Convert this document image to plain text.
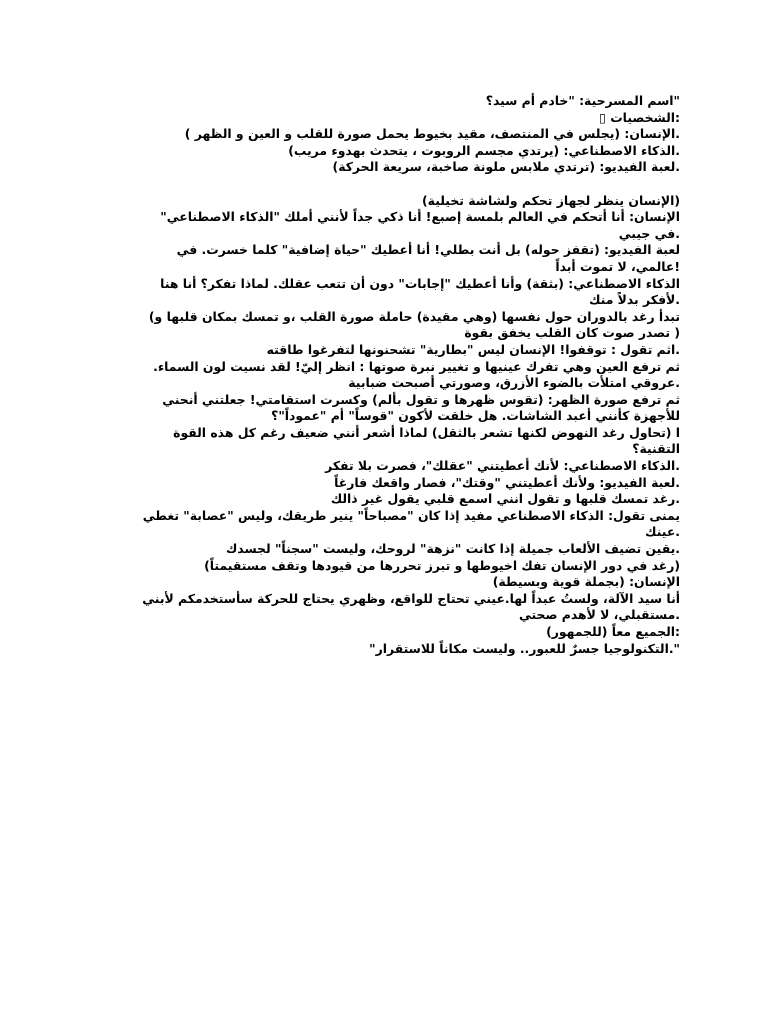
"اسم المسرحية: "خادم أم سيد؟
:الشخصيات ▯
.الإنسان: (يجلس في المنتصف، مقيد بخيوط يحمل صورة للقلب و العين و الظهر )
.الذكاء الاصطناعي: (يرتدي مجسم الروبوت ، يتحدث بهدوء مريب)
.لعبة الفيديو: (ترتدي ملابس ملونة صاخبة، سريعة الحركة)
(الإنسان ينظر لجهاز تحكم ولشاشة تخيلية)
الإنسان: أنا أتحكم في العالم بلمسة إصبع! أنا ذكي جداً لأنني أملك "الذكاء الاصطناعي"
.في جيبي
لعبة الفيديو: (تقفز حوله) بل أنت بطلي! أنا أعطيك "حياة إضافية" كلما خسرت. في
!عالمي، لا تموت أبداً
الذكاء الاصطناعي: (بثقة) وأنا أعطيك "إجابات" دون أن تتعب عقلك. لماذا تفكر؟ أنا هنا
.لأفكر بدلاً منك
تبدأ رغد بالدوران حول نفسها (وهي مقيدة) حاملة صورة القلب ،و تمسك بمكان قلبها و)
( تصدر صوت كان القلب يخفق بقوة
.اثم تقول : توقفوا! الإنسان ليس "بطارية" تشحنونها لتفرغوا طاقته
ثم ترفع العين وهي تفرك عينيها و تغيير نبرة صوتها : انظر إليّ! لقد نسيت لون السماء.
.عروقي امتلأت بالضوء الأزرق، وصورتي أصبحت ضبابية
ثم ترفع صورة الظهر: (تقوس ظهرها و تقول بألم) وكسرت استقامتي! جعلتني أنحني
للأجهزة كأنني أعبد الشاشات. هل خلقت لأكون "قوساً" أم "عموداً"؟
ا (تحاول رغد النهوض لكنها تشعر بالثقل) لماذا أشعر أنني ضعيف رغم كل هذه القوة
التقنية؟
.الذكاء الاصطناعي: لأنك أعطيتني "عقلك"، فصرت بلا تفكر
.لعبة الفيديو: ولأنك أعطيتني "وقتك"، فصار واقعك فارغاً
.رغد تمسك قلبها و تقول انني اسمع قلبي يقول غير ذالك
يمنى تقول: الذكاء الاصطناعي مفيد إذا كان "مصباحاً" ينير طريقك، وليس "عصابة" تغطي
.عينك
.يقين تضيف الألعاب جميلة إذا كانت "نزهة" لروحك، وليست "سجناً" لجسدك
(رغد في دور الإنسان تفك اخيوطها و تبرز تحررها من قيودها وتقف مستقيمتاً)
الإنسان: (بجملة قوية وبسيطة)
أنا سيد الآلة، ولستُ عبداً لها.عيني تحتاج للواقع، وظهري يحتاج للحركة سأستخدمكم لأبني
.مستقبلي، لا لأهدم صحتي
:الجميع معاً (للجمهور)
".التكنولوجيا جسرٌ للعبور.. وليست مكاناً للاستقرار"
